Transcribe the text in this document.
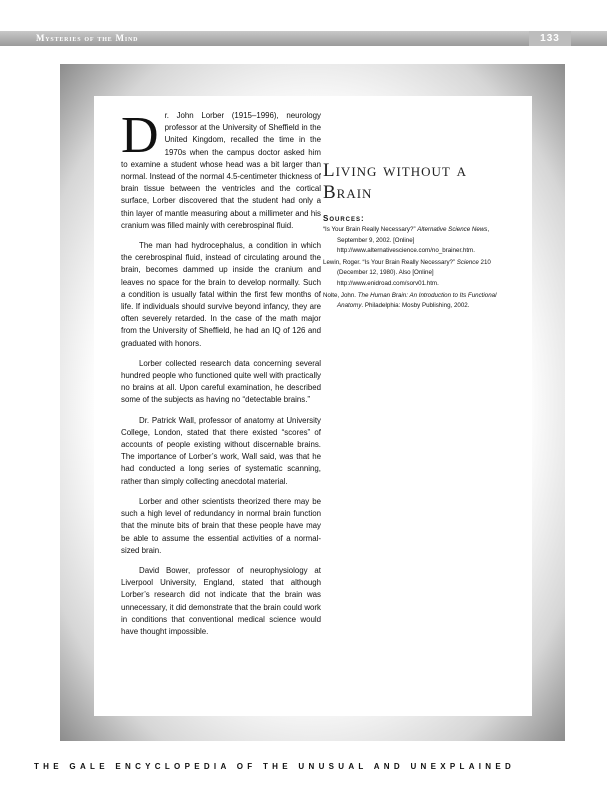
Mysteries of the Mind	133

Dr. John Lorber (1915–1996), neurology professor at the University of Sheffield in the United Kingdom, recalled the time in the 1970s when the campus doctor asked him to examine a student whose head was a bit larger than normal. Instead of the normal 4.5-centimeter thickness of brain tissue between the ventricles and the cortical surface, Lorber discovered that the student had only a thin layer of mantle measuring about a millimeter and his cranium was filled mainly with cerebrospinal fluid.

The man had hydrocephalus, a condition in which the cerebrospinal fluid, instead of circulating around the brain, becomes dammed up inside the cranium and leaves no space for the brain to develop normally. Such a condition is usually fatal within the first few months of life. If individuals should survive beyond infancy, they are often severely retarded. In the case of the math major from the University of Sheffield, he had an IQ of 126 and graduated with honors.

Lorber collected research data concerning several hundred people who functioned quite well with practically no brains at all. Upon careful examination, he described some of the subjects as having no “detectable brains.”

Dr. Patrick Wall, professor of anatomy at University College, London, stated that there existed “scores” of accounts of people existing without discernable brains. The importance of Lorber’s work, Wall said, was that he had conducted a long series of systematic scanning, rather than simply collecting anecdotal material.

Lorber and other scientists theorized there may be such a high level of redundancy in normal brain function that the minute bits of brain that these people have may be able to assume the essential activities of a normal-sized brain.

David Bower, professor of neurophysiology at Liverpool University, England, stated that although Lorber’s research did not indicate that the brain was unnecessary, it did demonstrate that the brain could work in conditions that conventional medical science would have thought impossible.

Living without a Brain
Sources:
“Is Your Brain Really Necessary?” Alternative Science News, September 9, 2002. [Online] http://www.alternativescience.com/no_brainer.htm.
Lewin, Roger. “Is Your Brain Really Necessary?” Science 210 (December 12, 1980). Also [Online] http://www.enidroad.com/sorv01.htm.
Nolte, John. The Human Brain: An Introduction to Its Functional Anatomy. Philadelphia: Mosby Publishing, 2002.
THE GALE ENCYCLOPEDIA OF THE UNUSUAL AND UNEXPLAINED
